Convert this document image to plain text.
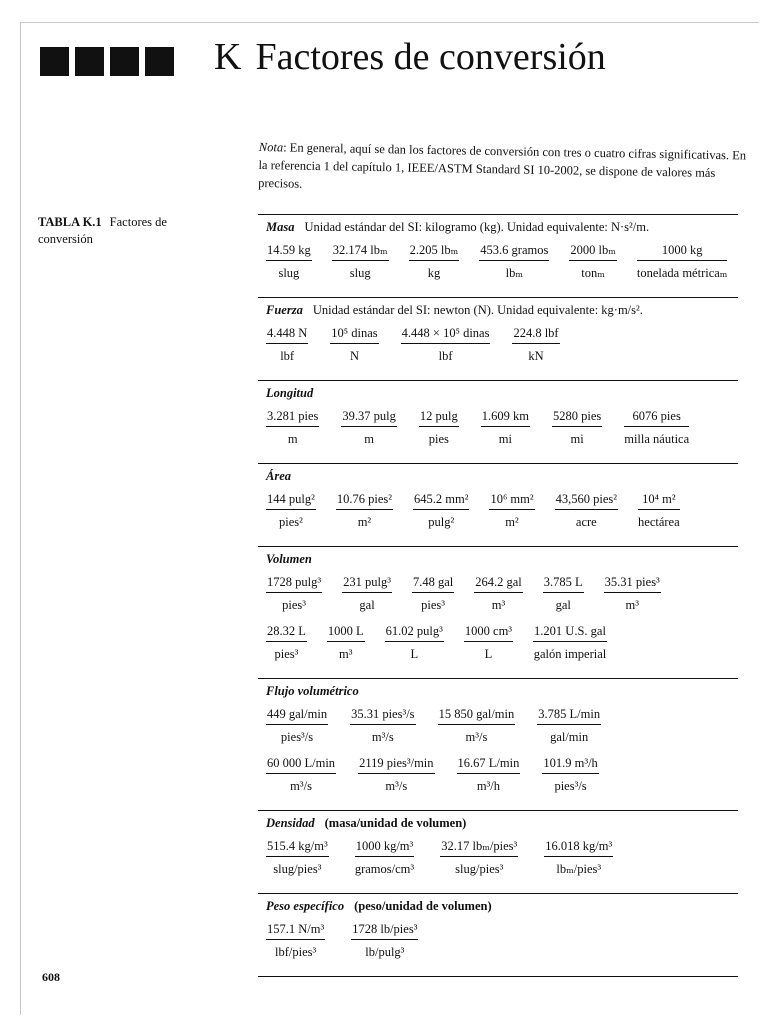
K Factores de conversión
Nota: En general, aquí se dan los factores de conversión con tres o cuatro cifras significativas. En la referencia 1 del capítulo 1, IEEE/ASTM Standard SI 10-2002, se dispone de valores más precisos.
TABLA K.1 Factores de conversión
Masa Unidad estándar del SI: kilogramo (kg). Unidad equivalente: N·s²/m.
$\frac{14.59 kg}{\text{slug}} \frac{\text{32.174 lbₘ}}{\text{slug}} \frac{\text{2.205 lbₘ}}{kg} \frac{\text{453.6 gramos}}{\text{lbₘ}} \frac{\text{2000 lbₘ}}{\text{tonₘ}} \frac{1000 kg}{\text{tonelada métricaₘ}}$
Fuerza Unidad estándar del SI: newton (N). Unidad equivalente: kg·m/s².
$\frac{4.448 N}{\text{lbf}} \frac{\text{10⁵ dinas}}{N} \frac{\text{4.448 × 10⁵ dinas}}{\text{lbf}} \frac{\text{224.8 lbf}}{kN}$
Longitud
$\frac{\text{3.281 pies}}{m} \frac{39.37 pulg}{m} \frac{12 pulg}{\text{pies}} \frac{1.609 km}{mi} \frac{\text{5280 pies}}{mi} \frac{\text{6076 pies}}{\text{milla náutica}}$
Área
$\frac{\text{144 pulg²}}{\text{pies²}} \frac{\text{10.76 pies²}}{\text{m²}} \frac{\text{645.2 mm²}}{\text{pulg²}} \frac{\text{10⁶ mm²}}{\text{m²}} \frac{\text{43,560 pies²}}{\text{acre}} \frac{\text{10⁴ m²}}{\text{hectárea}}$
Volumen
$\frac{\text{1728 pulg³}}{\text{pies³}} \frac{\text{231 pulg³}}{\text{gal}} \frac{\text{7.48 gal}}{\text{pies³}} \frac{\text{264.2 gal}}{\text{m³}} \frac{3.785 L}{\text{gal}} \frac{\text{35.31 pies³}}{\text{m³}}$
$\frac{28.32 L}{\text{pies³}} \frac{1000 L}{\text{m³}} \frac{\text{61.02 pulg³}}{L} \frac{\text{1000 cm³}}{L} \frac{\text{1.201 U.S. gal}}{\text{galón imperial}}$
Flujo volumétrico
$\frac{\text{449 gal/min}}{\text{pies³/s}} \frac{\text{35.31 pies³/s}}{\text{m³/s}} \frac{\text{15 850 gal/min}}{\text{m³/s}} \frac{3.785 L/\min}{\text{gal/min}}$
$\frac{60 000 L/\min}{\text{m³/s}} \frac{\text{2119 pies³/min}}{\text{m³/s}} \frac{16.67 L/\min}{\text{m³/h}} \frac{\text{101.9 m³/h}}{\text{pies³/s}}$
Densidad (masa/unidad de volumen)
$\frac{\text{515.4 kg/m³}}{\text{slug/pies³}} \frac{\text{1000 kg/m³}}{\text{gramos/cm³}} \frac{\text{32.17 lbₘ/pies³}}{\text{slug/pies³}} \frac{\text{16.018 kg/m³}}{\text{lbₘ/pies³}}$
Peso específico (peso/unidad de volumen)
$\frac{\text{157.1 N/m³}}{\text{lbf/pies³}} \frac{\text{1728 lb/pies³}}{\text{lb/pulg³}}$
608
